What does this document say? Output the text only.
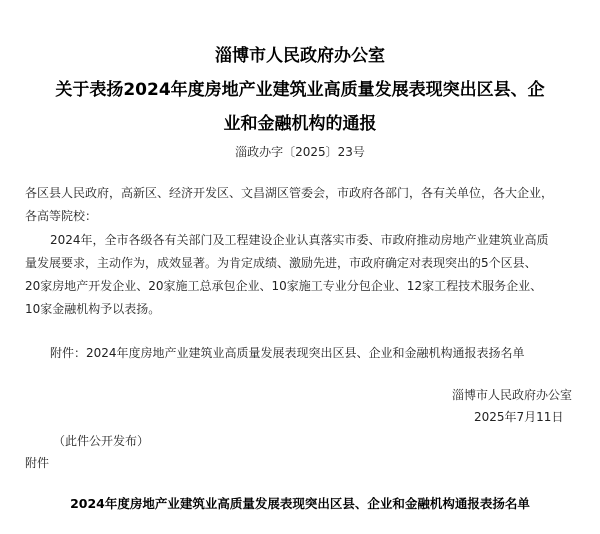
淄博市人民政府办公室
关于表扬2024年度房地产业建筑业高质量发展表现突出区县、企
业和金融机构的通报
淄政办字〔2025〕23号
各区县人民政府，高新区、经济开发区、文昌湖区管委会，市政府各部门，各有关单位，各大企业，
各高等院校：
2024年，全市各级各有关部门及工程建设企业认真落实市委、市政府推动房地产业建筑业高质
量发展要求，主动作为，成效显著。为肯定成绩、激励先进，市政府确定对表现突出的5个区县、
20家房地产开发企业、20家施工总承包企业、10家施工专业分包企业、12家工程技术服务企业、
10家金融机构予以表扬。
附件：2024年度房地产业建筑业高质量发展表现突出区县、企业和金融机构通报表扬名单
淄博市人民政府办公室
2025年7月11日
（此件公开发布）
附件
2024年度房地产业建筑业高质量发展表现突出区县、企业和金融机构通报表扬名单
